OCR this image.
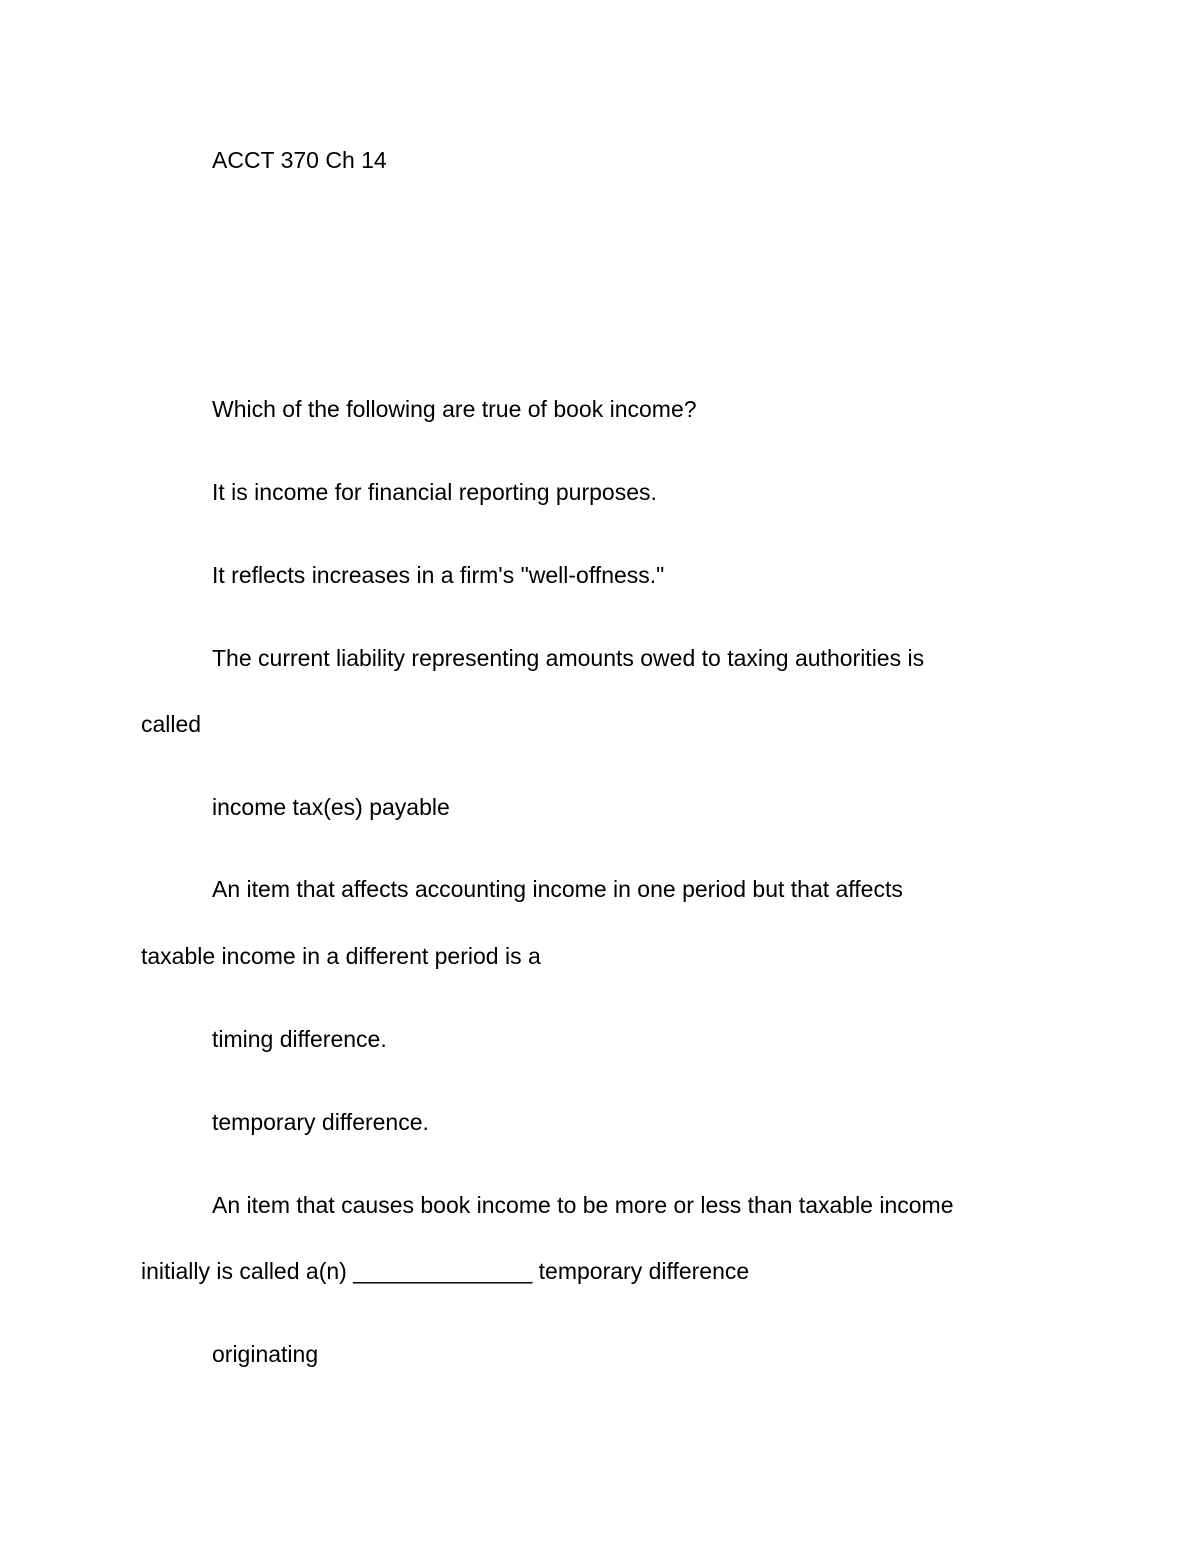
ACCT 370 Ch 14

Which of the following are true of book income?

It is income for financial reporting purposes.

It reflects increases in a firm's "well-offness."

The current liability representing amounts owed to taxing authorities is

called

income tax(es) payable

An item that affects accounting income in one period but that affects

taxable income in a different period is a

timing difference.

temporary difference.

An item that causes book income to be more or less than taxable income

initially is called a(n) ______________ temporary difference

originating
